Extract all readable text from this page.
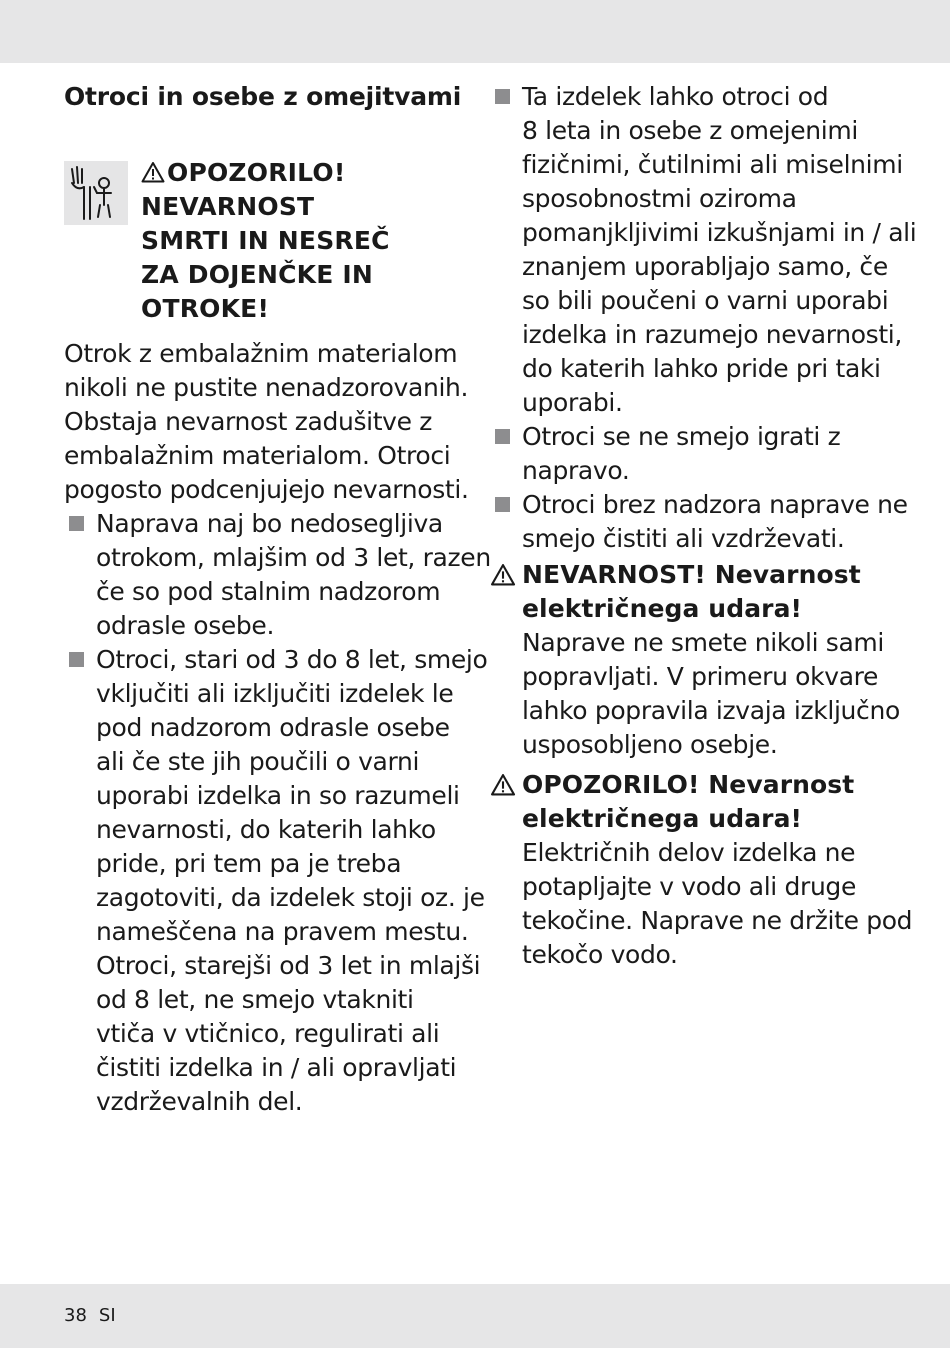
Otroci in osebe z omejitvami
OPOZORILO!
NEVARNOST
SMRTI IN NESREČ
ZA DOJENČKE IN
OTROKE!

Otrok z embalažnim materialom
nikoli ne pustite nenadzorovanih.
Obstaja nevarnost zadušitve z
embalažnim materialom. Otroci
pogosto podcenjujejo nevarnosti.

Naprava naj bo nedosegljiva
otrokom, mlajšim od 3 let, razen
če so pod stalnim nadzorom
odrasle osebe.
Otroci, stari od 3 do 8 let, smejo
vključiti ali izključiti izdelek le
pod nadzorom odrasle osebe
ali če ste jih poučili o varni
uporabi izdelka in so razumeli
nevarnosti, do katerih lahko
pride, pri tem pa je treba
zagotoviti, da izdelek stoji oz. je
nameščena na pravem mestu.
Otroci, starejši od 3 let in mlajši
od 8 let, ne smejo vtakniti
vtiča v vtičnico, regulirati ali
čistiti izdelka in / ali opravljati
vzdrževalnih del.
Ta izdelek lahko otroci od
8 leta in osebe z omejenimi
fizičnimi, čutilnimi ali miselnimi
sposobnostmi oziroma
pomanjkljivimi izkušnjami in / ali
znanjem uporabljajo samo, če
so bili poučeni o varni uporabi
izdelka in razumejo nevarnosti,
do katerih lahko pride pri taki
uporabi.
Otroci se ne smejo igrati z
napravo.
Otroci brez nadzora naprave ne
smejo čistiti ali vzdrževati.
NEVARNOST! Nevarnost
električnega udara!
Naprave ne smete nikoli sami
popravljati. V primeru okvare
lahko popravila izvaja izključno
usposobljeno osebje.
OPOZORILO! Nevarnost
električnega udara!
Električnih delov izdelka ne
potapljajte v vodo ali druge
tekočine. Naprave ne držite pod
tekočo vodo.
38 SI
